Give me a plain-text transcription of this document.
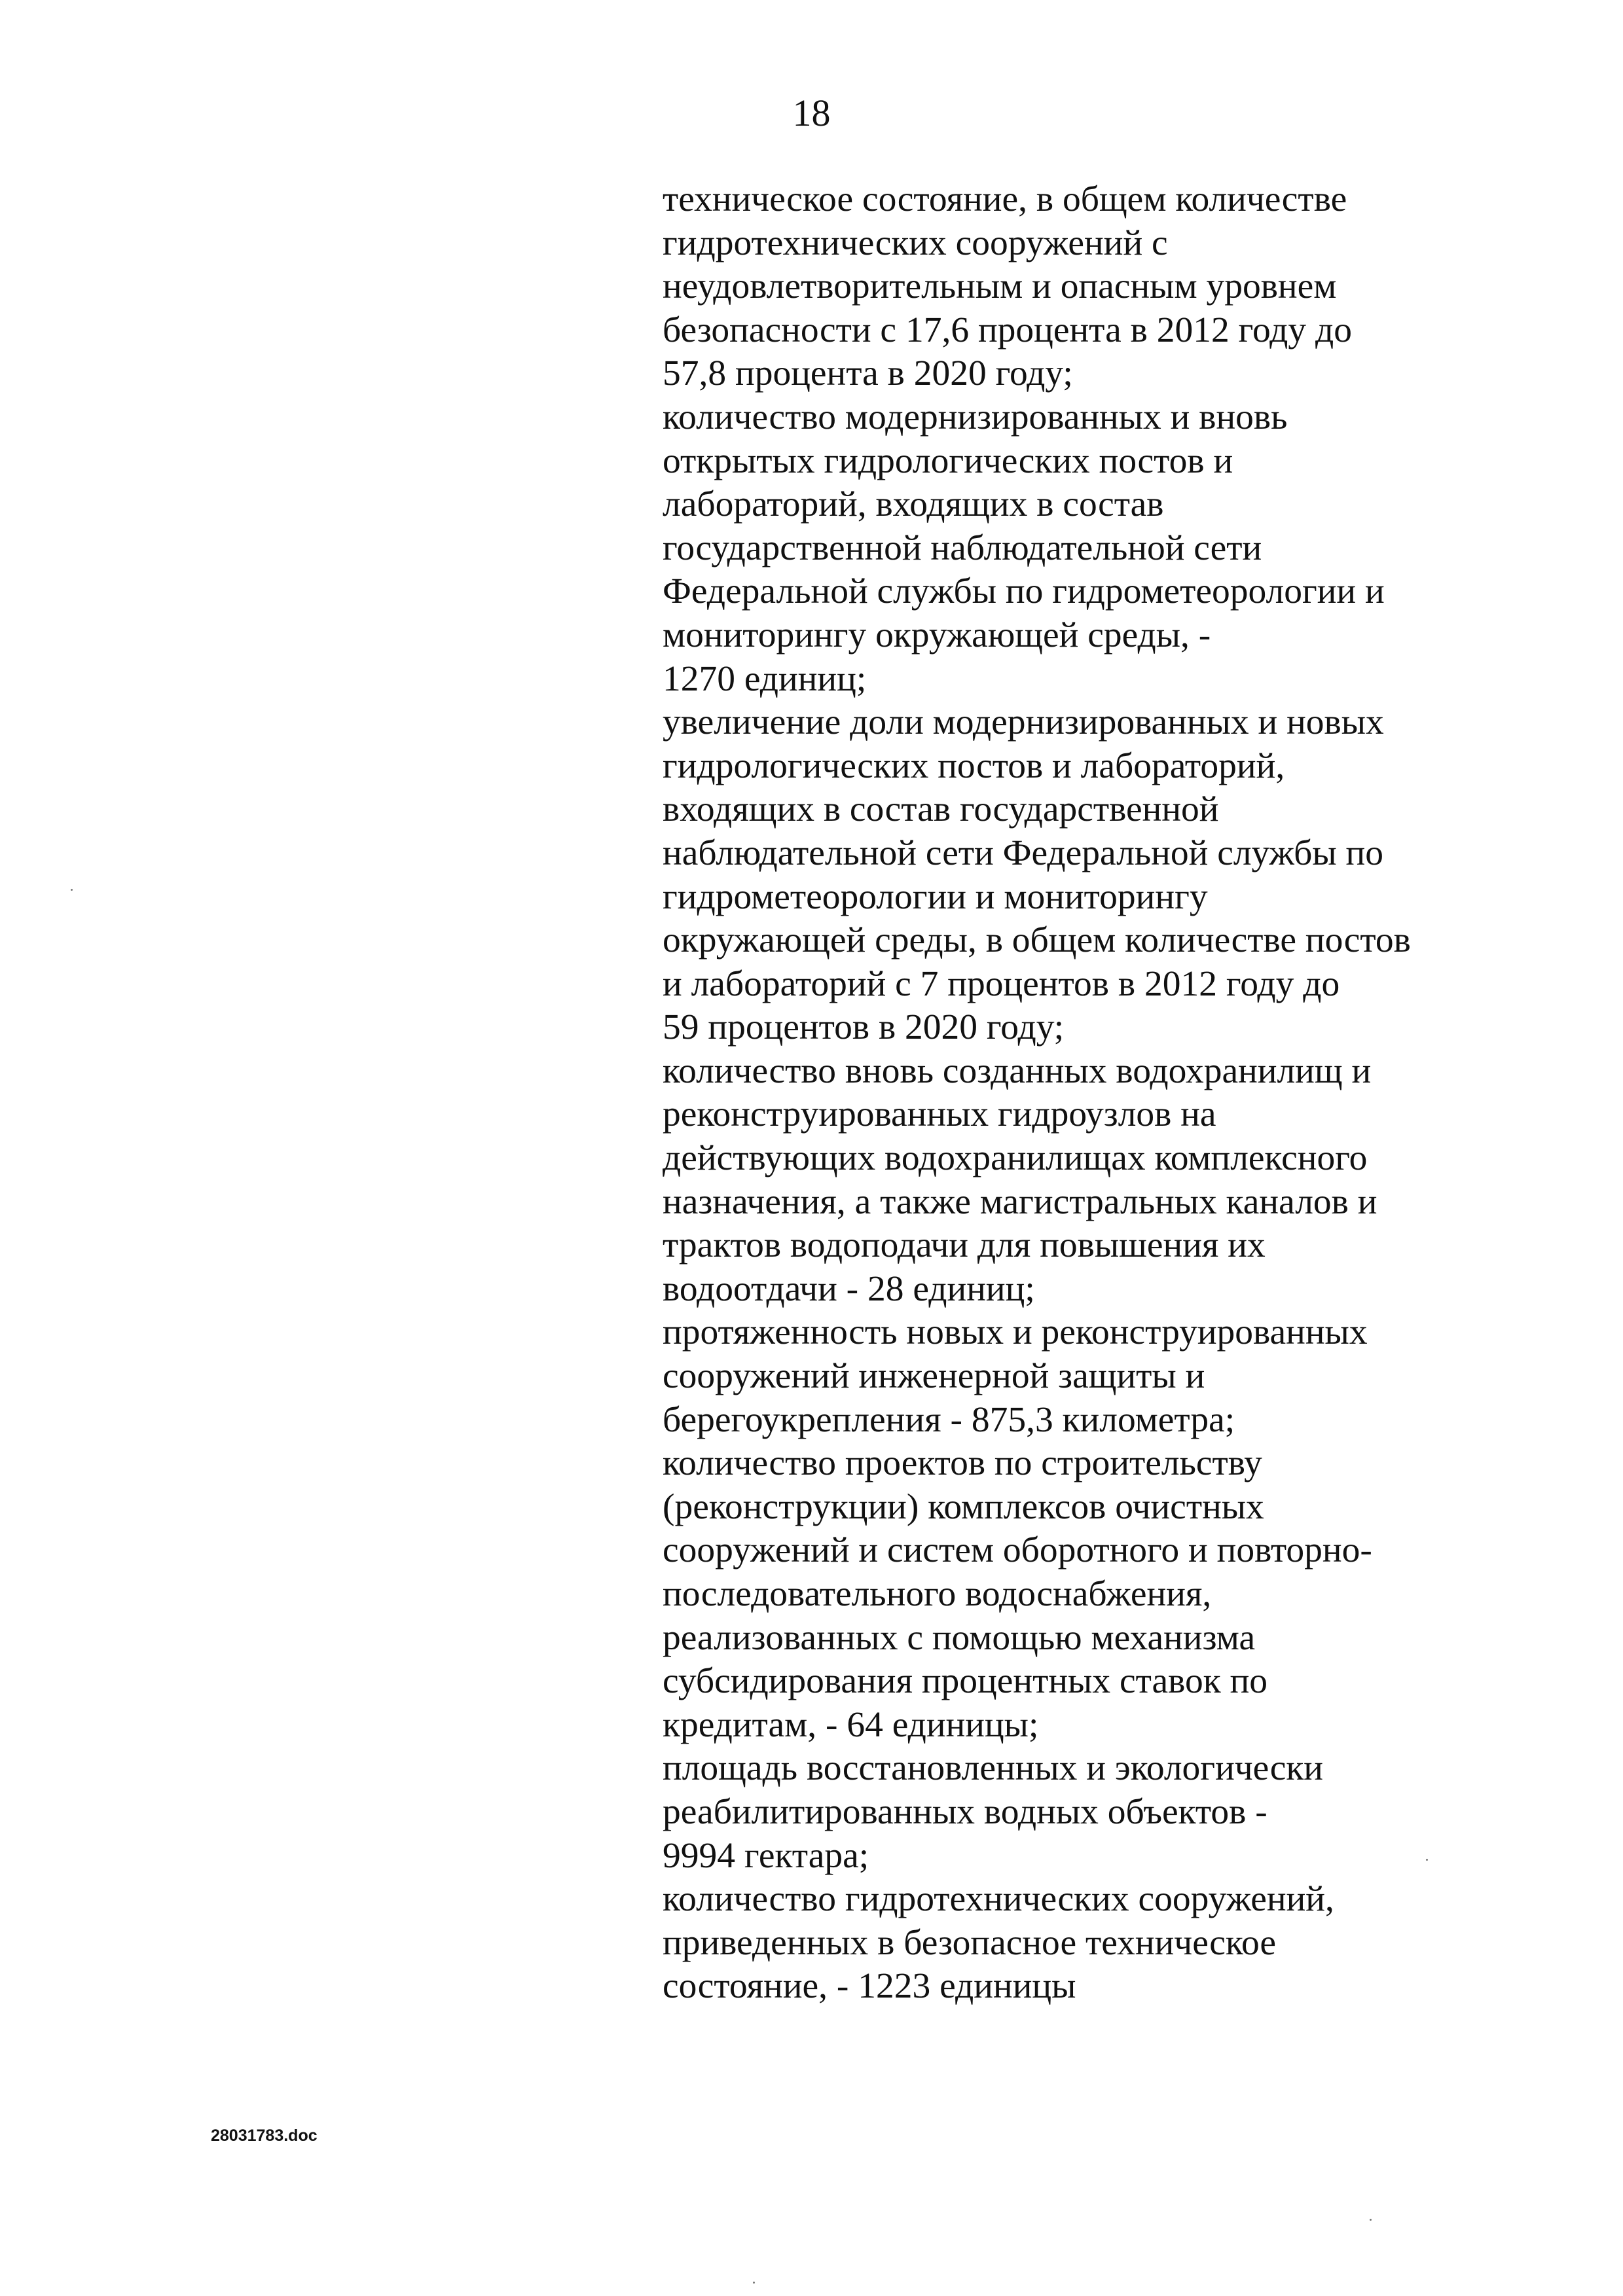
18
техническое состояние, в общем количестве
гидротехнических сооружений с
неудовлетворительным и опасным уровнем
безопасности с 17,6 процента в 2012 году до
57,8 процента в 2020 году;
количество модернизированных и вновь
открытых гидрологических постов и
лабораторий, входящих в состав
государственной наблюдательной сети
Федеральной службы по гидрометеорологии и
мониторингу окружающей среды, -
1270 единиц;
увеличение доли модернизированных и новых
гидрологических постов и лабораторий,
входящих в состав государственной
наблюдательной сети Федеральной службы по
гидрометеорологии и мониторингу
окружающей среды, в общем количестве постов
и лабораторий с 7 процентов в 2012 году до
59 процентов в 2020 году;
количество вновь созданных водохранилищ и
реконструированных гидроузлов на
действующих водохранилищах комплексного
назначения, а также магистральных каналов и
трактов водоподачи для повышения их
водоотдачи - 28 единиц;
протяженность новых и реконструированных
сооружений инженерной защиты и
берегоукрепления - 875,3 километра;
количество проектов по строительству
(реконструкции) комплексов очистных
сооружений и систем оборотного и повторно-
последовательного водоснабжения,
реализованных с помощью механизма
субсидирования процентных ставок по
кредитам, - 64 единицы;
площадь восстановленных и экологически
реабилитированных водных объектов -
9994 гектара;
количество гидротехнических сооружений,
приведенных в безопасное техническое
состояние, - 1223 единицы
28031783.doc
